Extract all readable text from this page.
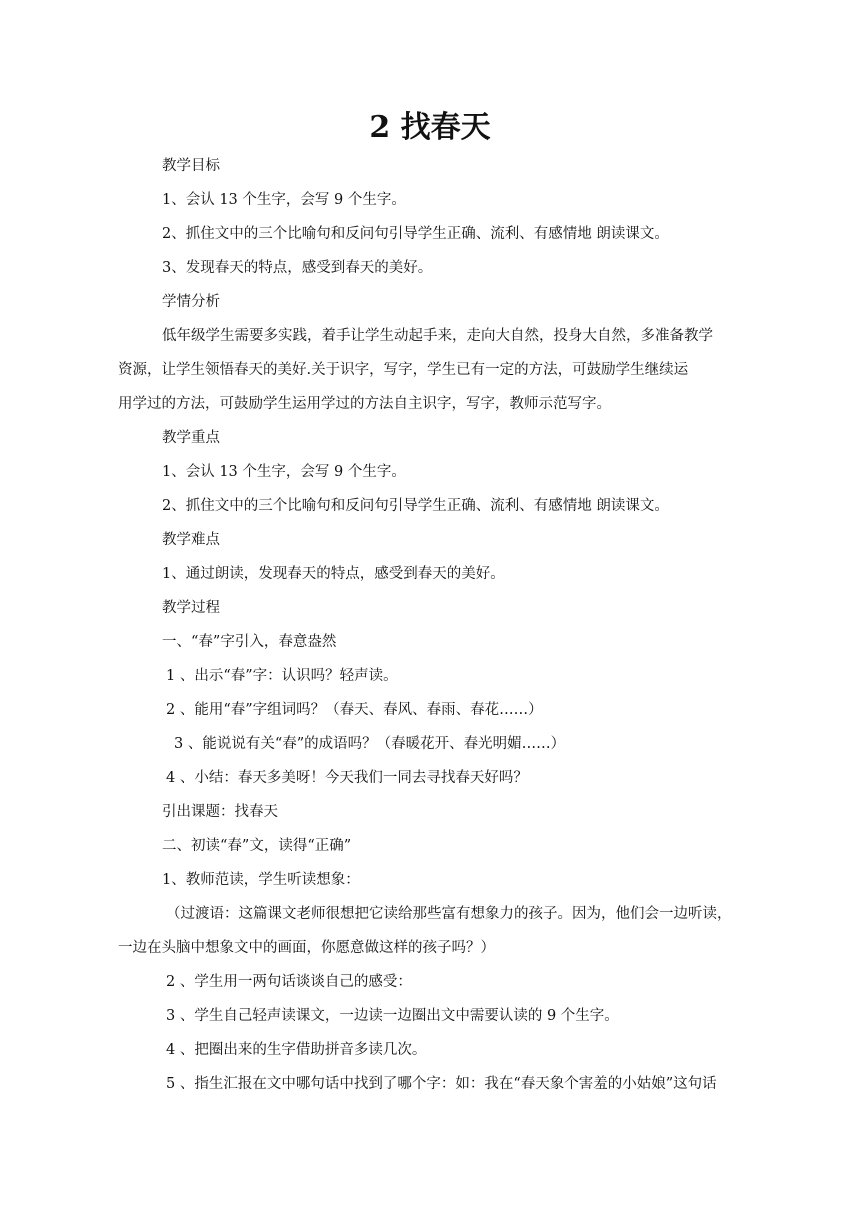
2 找春天

教学目标

1、会认 13 个生字，会写 9 个生字。

2、抓住文中的三个比喻句和反问句引导学生正确、流利、有感情地 朗读课文。

3、发现春天的特点，感受到春天的美好。

学情分析

低年级学生需要多实践，着手让学生动起手来，走向大自然，投身大自然，多准备教学

资源，让学生领悟春天的美好.关于识字，写字，学生已有一定的方法，可鼓励学生继续运

用学过的方法，可鼓励学生运用学过的方法自主识字，写字，教师示范写字。

教学重点

1、会认 13 个生字，会写 9 个生字。

2、抓住文中的三个比喻句和反问句引导学生正确、流利、有感情地 朗读课文。

教学难点

1、通过朗读，发现春天的特点，感受到春天的美好。

教学过程

一、“春”字引入，春意盎然

1 、出示“春”字：认识吗？轻声读。

2 、能用“春”字组词吗？（春天、春风、春雨、春花……）

3 、能说说有关“春”的成语吗？（春暖花开、春光明媚……）

4 、小结：春天多美呀！今天我们一同去寻找春天好吗？

引出课题：找春天

二、初读“春”文，读得“正确”

1、教师范读，学生听读想象：

（过渡语：这篇课文老师很想把它读给那些富有想象力的孩子。因为，他们会一边听读，

一边在头脑中想象文中的画面，你愿意做这样的孩子吗？）

2 、学生用一两句话谈谈自己的感受：

3 、学生自己轻声读课文，一边读一边圈出文中需要认读的 9 个生字。

4 、把圈出来的生字借助拼音多读几次。

5 、指生汇报在文中哪句话中找到了哪个字：如：我在“春天象个害羞的小姑娘”这句话
